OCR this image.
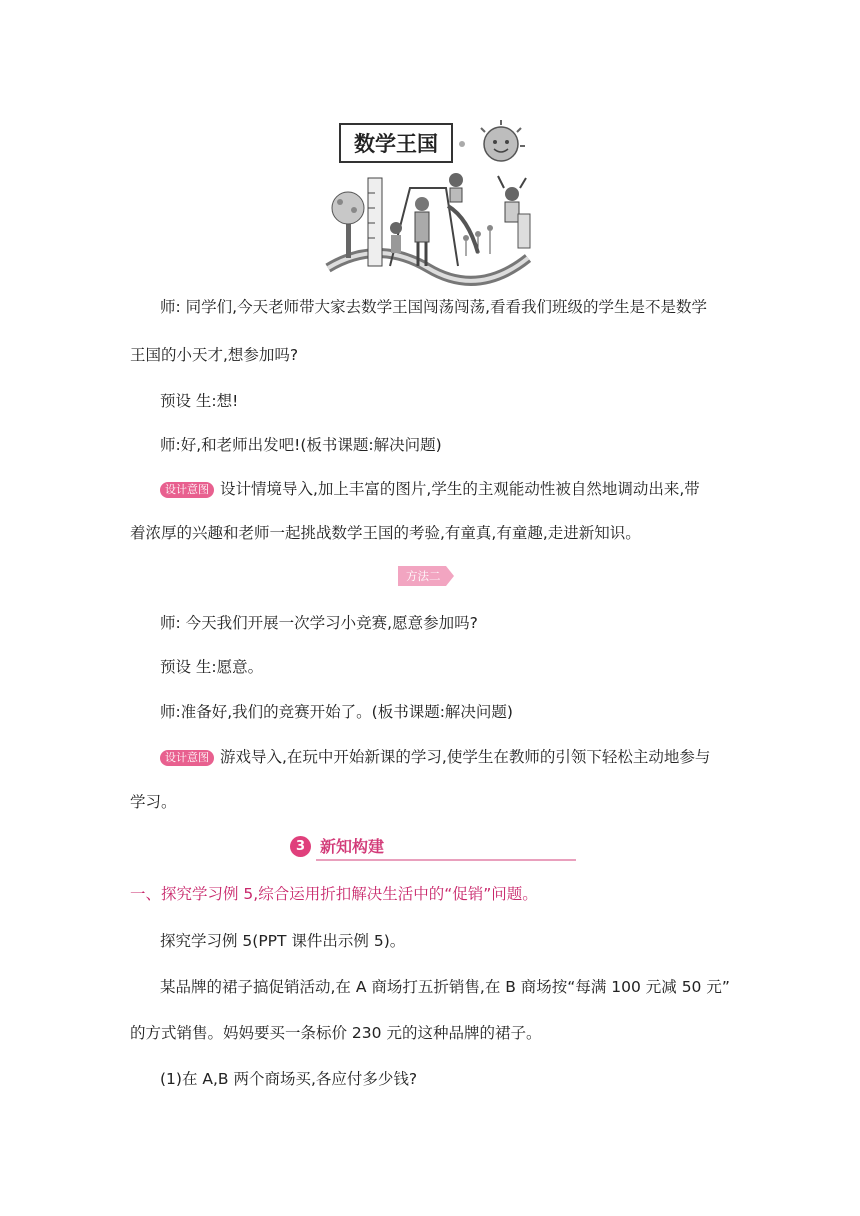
数学王国
师: 同学们,今天老师带大家去数学王国闯荡闯荡,看看我们班级的学生是不是数学
王国的小天才,想参加吗?
预设 生:想!
师:好,和老师出发吧!(板书课题:解决问题)
设计意图 设计情境导入,加上丰富的图片,学生的主观能动性被自然地调动出来,带
着浓厚的兴趣和老师一起挑战数学王国的考验,有童真,有童趣,走进新知识。
方法二
师: 今天我们开展一次学习小竞赛,愿意参加吗?
预设 生:愿意。
师:准备好,我们的竞赛开始了。(板书课题:解决问题)
设计意图 游戏导入,在玩中开始新课的学习,使学生在教师的引领下轻松主动地参与
学习。
3 新知构建
一、探究学习例 5,综合运用折扣解决生活中的“促销”问题。
探究学习例 5(PPT 课件出示例 5)。
某品牌的裙子搞促销活动,在 A 商场打五折销售,在 B 商场按“每满 100 元减 50 元”
的方式销售。妈妈要买一条标价 230 元的这种品牌的裙子。
(1)在 A,B 两个商场买,各应付多少钱?
